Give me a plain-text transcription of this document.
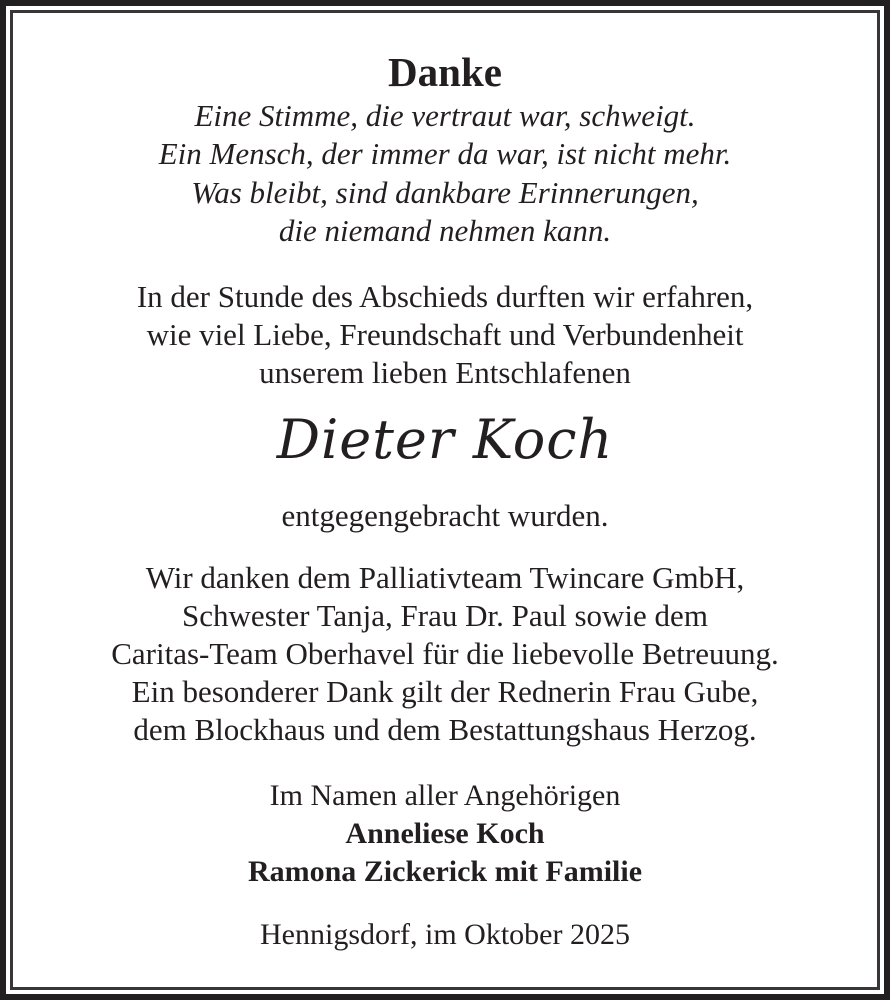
Danke
Eine Stimme, die vertraut war, schweigt.
Ein Mensch, der immer da war, ist nicht mehr.
Was bleibt, sind dankbare Erinnerungen,
die niemand nehmen kann.
In der Stunde des Abschieds durften wir erfahren,
wie viel Liebe, Freundschaft und Verbundenheit
unserem lieben Entschlafenen
Dieter Koch
entgegengebracht wurden.
Wir danken dem Palliativteam Twincare GmbH,
Schwester Tanja, Frau Dr. Paul sowie dem
Caritas-Team Oberhavel für die liebevolle Betreuung.
Ein besonderer Dank gilt der Rednerin Frau Gube,
dem Blockhaus und dem Bestattungshaus Herzog.
Im Namen aller Angehörigen
Anneliese Koch
Ramona Zickerick mit Familie
Hennigsdorf, im Oktober 2025
